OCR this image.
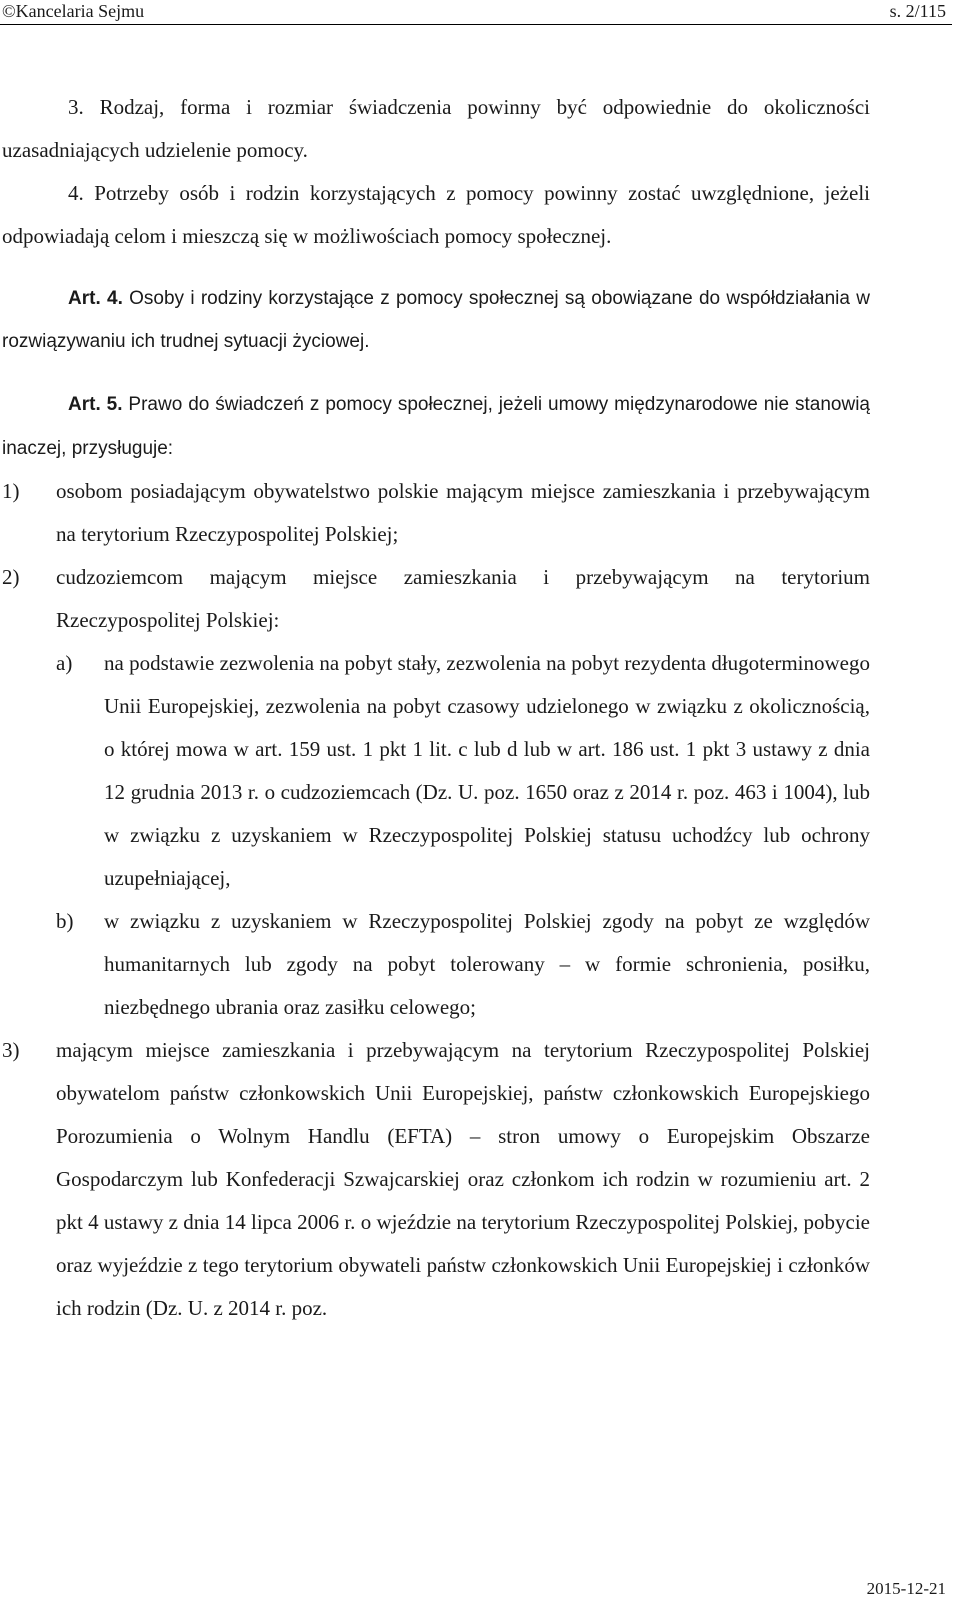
©Kancelaria Sejmu	s. 2/115

3. Rodzaj, forma i rozmiar świadczenia powinny być odpowiednie do okoliczności uzasadniających udzielenie pomocy.

4. Potrzeby osób i rodzin korzystających z pomocy powinny zostać uwzględnione, jeżeli odpowiadają celom i mieszczą się w możliwościach pomocy społecznej.

Art. 4. Osoby i rodziny korzystające z pomocy społecznej są obowiązane do współdziałania w rozwiązywaniu ich trudnej sytuacji życiowej.

Art. 5. Prawo do świadczeń z pomocy społecznej, jeżeli umowy międzynarodowe nie stanowią inaczej, przysługuje:

1) osobom posiadającym obywatelstwo polskie mającym miejsce zamieszkania i przebywającym na terytorium Rzeczypospolitej Polskiej;
2) cudzoziemcom mającym miejsce zamieszkania i przebywającym na terytorium Rzeczypospolitej Polskiej:
a) na podstawie zezwolenia na pobyt stały, zezwolenia na pobyt rezydenta długoterminowego Unii Europejskiej, zezwolenia na pobyt czasowy udzielonego w związku z okolicznością, o której mowa w art. 159 ust. 1 pkt 1 lit. c lub d lub w art. 186 ust. 1 pkt 3 ustawy z dnia 12 grudnia 2013 r. o cudzoziemcach (Dz. U. poz. 1650 oraz z 2014 r. poz. 463 i 1004), lub w związku z uzyskaniem w Rzeczypospolitej Polskiej statusu uchodźcy lub ochrony uzupełniającej,
b) w związku z uzyskaniem w Rzeczypospolitej Polskiej zgody na pobyt ze względów humanitarnych lub zgody na pobyt tolerowany – w formie schronienia, posiłku, niezbędnego ubrania oraz zasiłku celowego;
3) mającym miejsce zamieszkania i przebywającym na terytorium Rzeczypospolitej Polskiej obywatelom państw członkowskich Unii Europejskiej, państw członkowskich Europejskiego Porozumienia o Wolnym Handlu (EFTA) – stron umowy o Europejskim Obszarze Gospodarczym lub Konfederacji Szwajcarskiej oraz członkom ich rodzin w rozumieniu art. 2 pkt 4 ustawy z dnia 14 lipca 2006 r. o wjeździe na terytorium Rzeczypospolitej Polskiej, pobycie oraz wyjeździe z tego terytorium obywateli państw członkowskich Unii Europejskiej i członków ich rodzin (Dz. U. z 2014 r. poz.
2015-12-21
